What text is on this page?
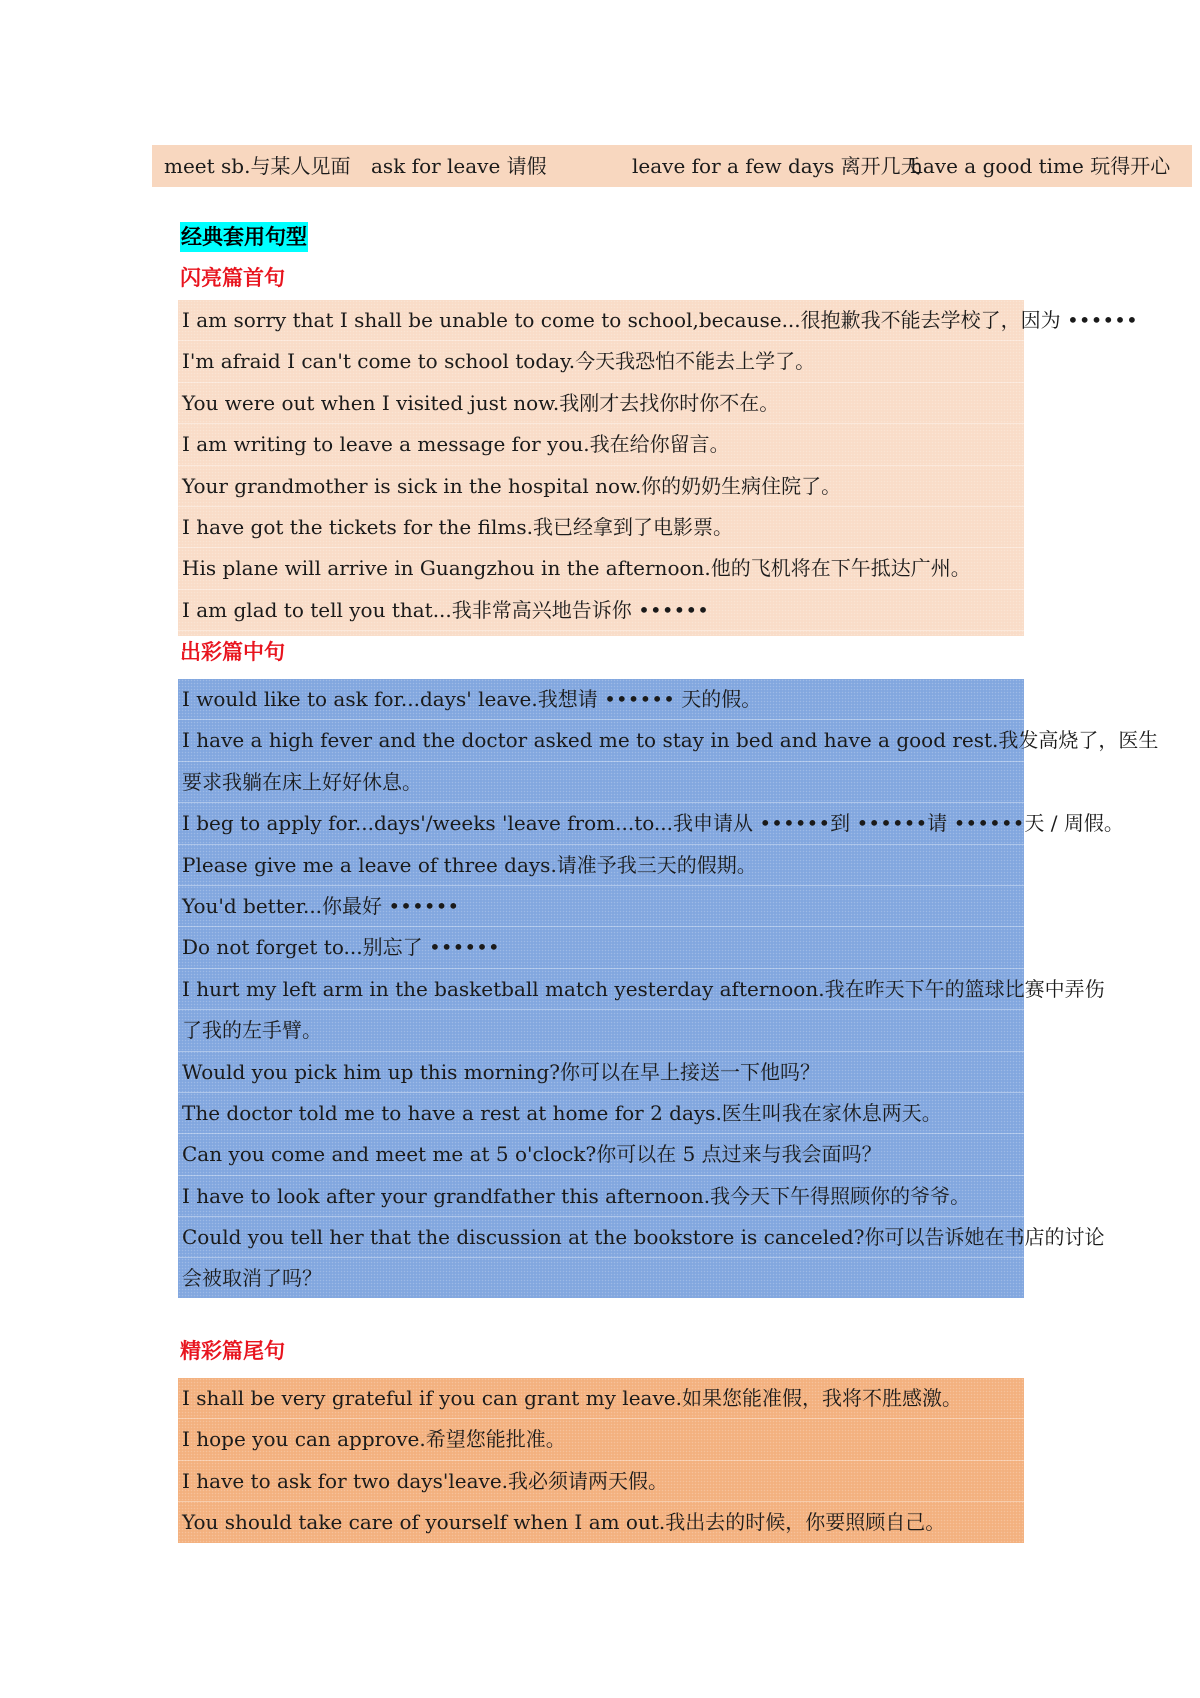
meet sb.与某人见面 ask for leave 请假	leave for a few days 离开几天
have a good time 玩得开心
经典套用句型
闪亮篇首句
I am sorry that I shall be unable to come to school,because...很抱歉我不能去学校了，因为 ••••••
I'm afraid I can't come to school today.今天我恐怕不能去上学了。
You were out when I visited just now.我刚才去找你时你不在。
I am writing to leave a message for you.我在给你留言。
Your grandmother is sick in the hospital now.你的奶奶生病住院了。
I have got the tickets for the films.我已经拿到了电影票。
His plane will arrive in Guangzhou in the afternoon.他的飞机将在下午抵达广州。
I am glad to tell you that...我非常高兴地告诉你 ••••••
出彩篇中句
I would like to ask for...days' leave.我想请 •••••• 天的假。
I have a high fever and the doctor asked me to stay in bed and have a good rest.我发高烧了，医生
要求我躺在床上好好休息。
I beg to apply for...days'/weeks 'leave from...to...我申请从 ••••••到 ••••••请 ••••••天 / 周假。
Please give me a leave of three days.请准予我三天的假期。
You'd better...你最好 ••••••
Do not forget to...别忘了 ••••••
I hurt my left arm in the basketball match yesterday afternoon.我在昨天下午的篮球比赛中弄伤
了我的左手臂。
Would you pick him up this morning?你可以在早上接送一下他吗？
The doctor told me to have a rest at home for 2 days.医生叫我在家休息两天。
Can you come and meet me at 5 o'clock?你可以在 5 点过来与我会面吗？
I have to look after your grandfather this afternoon.我今天下午得照顾你的爷爷。
Could you tell her that the discussion at the bookstore is canceled?你可以告诉她在书店的讨论
会被取消了吗？
精彩篇尾句
I shall be very grateful if you can grant my leave.如果您能准假，我将不胜感激。
I hope you can approve.希望您能批准。
I have to ask for two days'leave.我必须请两天假。
You should take care of yourself when I am out.我出去的时候，你要照顾自己。
